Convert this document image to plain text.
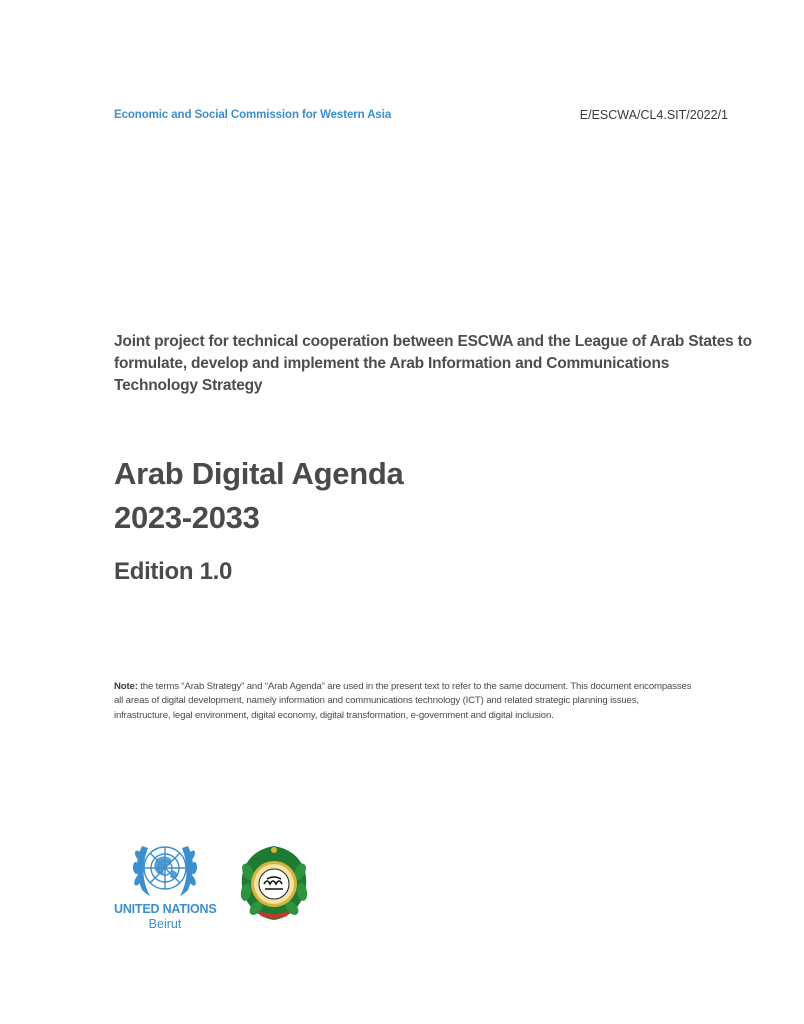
Economic and Social Commission for Western Asia	E/ESCWA/CL4.SIT/2022/1
Joint project for technical cooperation between ESCWA and the League of Arab States to formulate, develop and implement the Arab Information and Communications Technology Strategy
Arab Digital Agenda
2023-2033
Edition 1.0
Note: the terms “Arab Strategy” and “Arab Agenda” are used in the present text to refer to the same document. This document encompasses all areas of digital development, namely information and communications technology (ICT) and related strategic planning issues, infrastructure, legal environment, digital economy, digital transformation, e-government and digital inclusion.
UNITED NATIONS
Beirut
